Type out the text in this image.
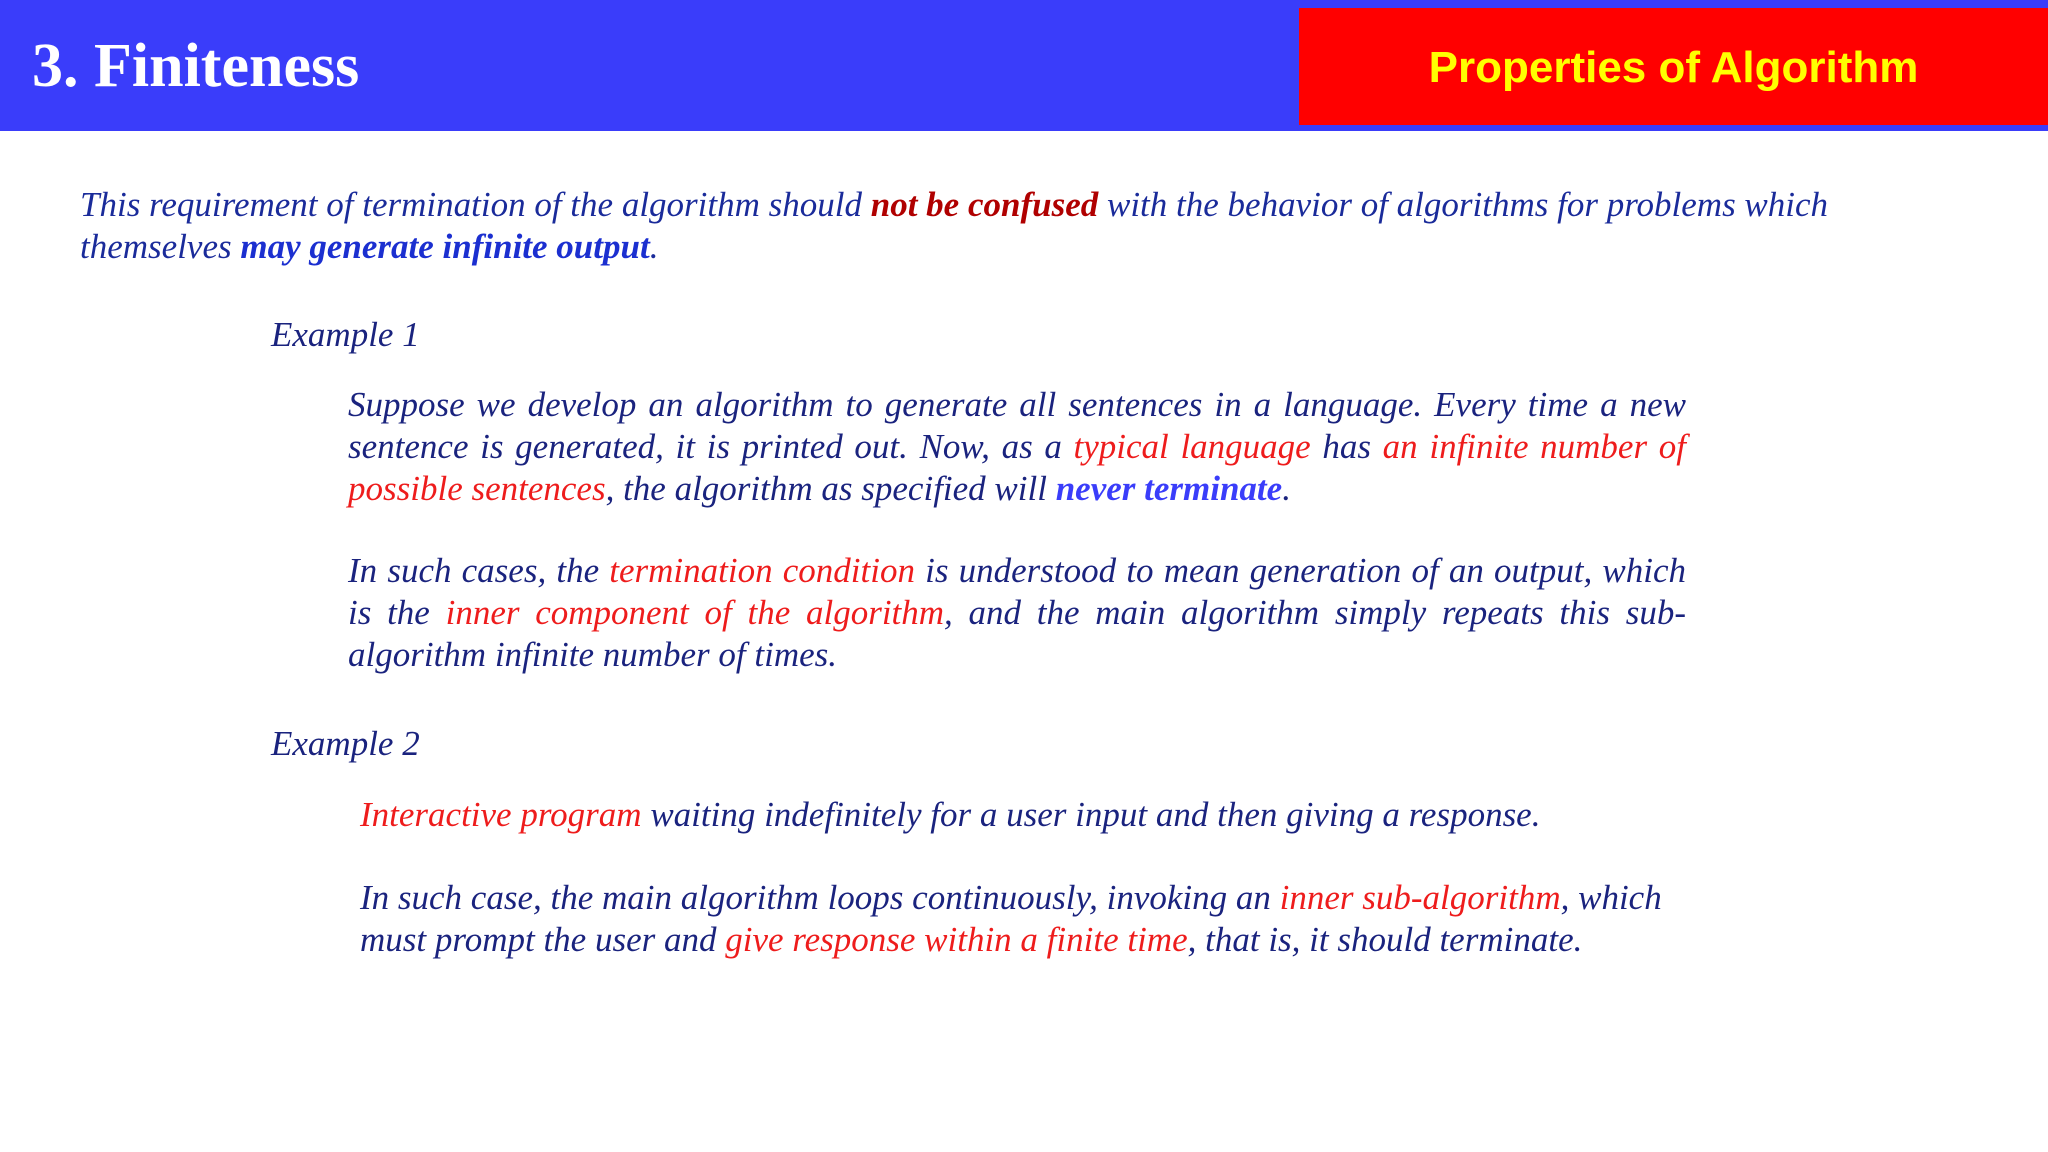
3. Finiteness	Properties of Algorithm

This requirement of termination of the algorithm should not be confused with the behavior of algorithms for problems which themselves may generate infinite output.

Example 1

Suppose we develop an algorithm to generate all sentences in a language. Every time a new sentence is generated, it is printed out. Now, as a typical language has an infinite number of possible sentences, the algorithm as specified will never terminate.

In such cases, the termination condition is understood to mean generation of an output, which is the inner component of the algorithm, and the main algorithm simply repeats this sub-algorithm infinite number of times.

Example 2

Interactive program waiting indefinitely for a user input and then giving a response.

In such case, the main algorithm loops continuously, invoking an inner sub-algorithm, which must prompt the user and give response within a finite time, that is, it should terminate.
